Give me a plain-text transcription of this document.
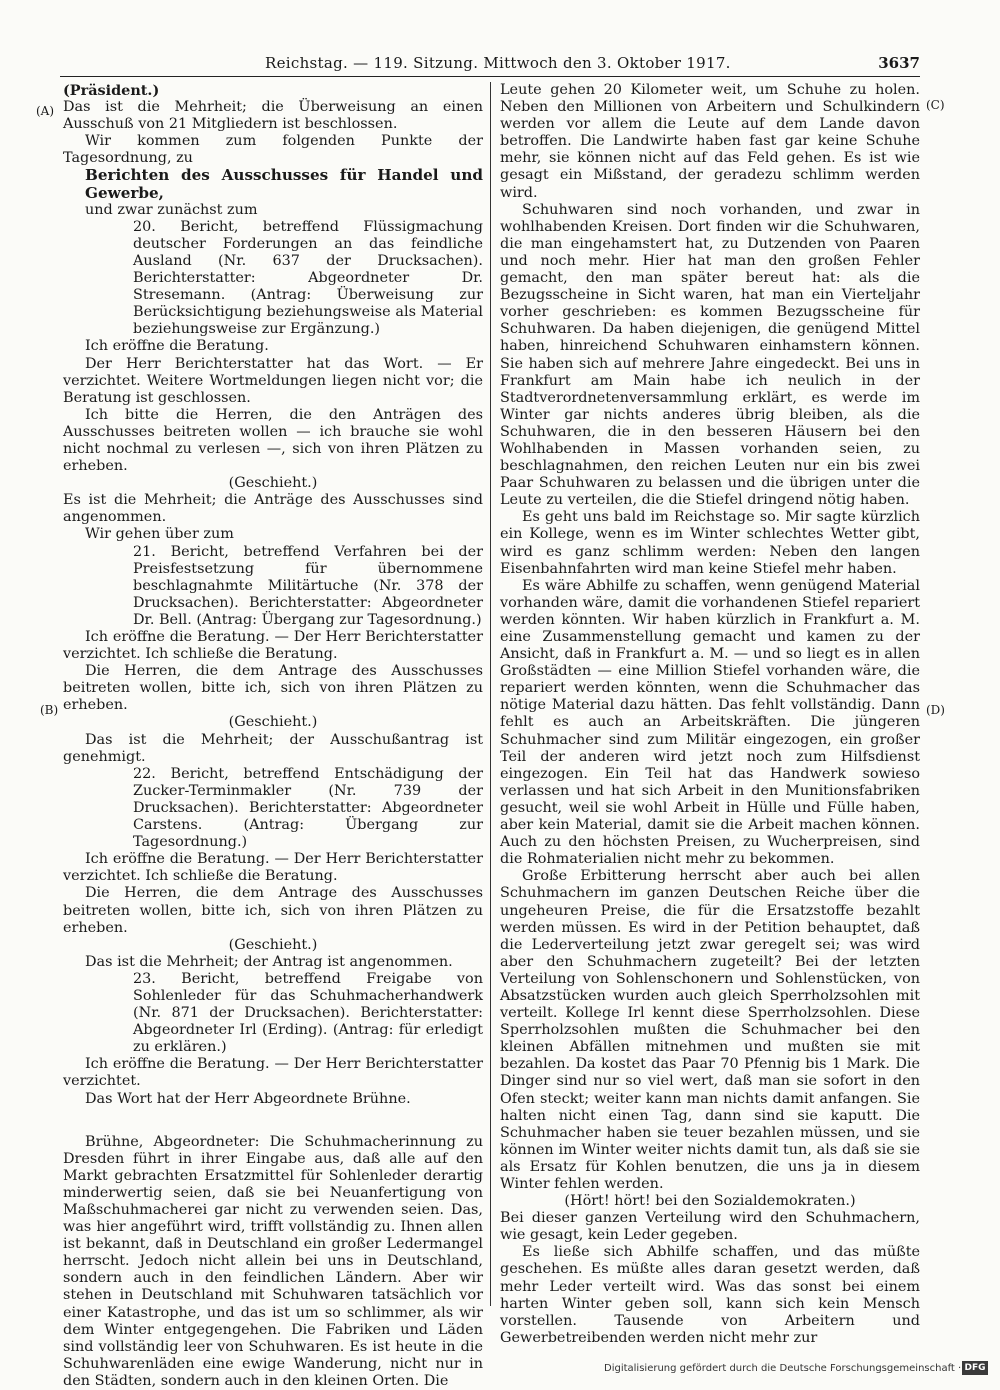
Reichstag. — 119. Sitzung. Mittwoch den 3. Oktober 1917.	3637
(A)
(B)
(C)
(D)

(Präsident.)

Das ist die Mehrheit; die Überweisung an einen Ausschuß von 21 Mitgliedern ist beschlossen.

Wir kommen zum folgenden Punkte der Tagesordnung, zu

Berichten des Ausschusses für Handel und Gewerbe,

und zwar zunächst zum

20. Bericht, betreffend Flüssigmachung deutscher Forderungen an das feindliche Ausland (Nr. 637 der Drucksachen). Berichterstatter: Abgeordneter Dr. Stresemann. (Antrag: Überweisung zur Berücksichtigung beziehungsweise als Material beziehungsweise zur Ergänzung.)

Ich eröffne die Beratung.

Der Herr Berichterstatter hat das Wort. — Er verzichtet. Weitere Wortmeldungen liegen nicht vor; die Beratung ist geschlossen.

Ich bitte die Herren, die den Anträgen des Ausschusses beitreten wollen — ich brauche sie wohl nicht nochmal zu verlesen —, sich von ihren Plätzen zu erheben.

(Geschieht.)

Es ist die Mehrheit; die Anträge des Ausschusses sind angenommen.

Wir gehen über zum

21. Bericht, betreffend Verfahren bei der Preisfestsetzung für übernommene beschlagnahmte Militärtuche (Nr. 378 der Drucksachen). Berichterstatter: Abgeordneter Dr. Bell. (Antrag: Übergang zur Tagesordnung.)

Ich eröffne die Beratung. — Der Herr Berichterstatter verzichtet. Ich schließe die Beratung.

Die Herren, die dem Antrage des Ausschusses beitreten wollen, bitte ich, sich von ihren Plätzen zu erheben.

(Geschieht.)

Das ist die Mehrheit; der Ausschußantrag ist genehmigt.

22. Bericht, betreffend Entschädigung der Zucker-Terminmakler (Nr. 739 der Drucksachen). Berichterstatter: Abgeordneter Carstens. (Antrag: Übergang zur Tagesordnung.)

Ich eröffne die Beratung. — Der Herr Berichterstatter verzichtet. Ich schließe die Beratung.

Die Herren, die dem Antrage des Ausschusses beitreten wollen, bitte ich, sich von ihren Plätzen zu erheben.

(Geschieht.)

Das ist die Mehrheit; der Antrag ist angenommen.

23. Bericht, betreffend Freigabe von Sohlenleder für das Schuhmacherhandwerk (Nr. 871 der Drucksachen). Berichterstatter: Abgeordneter Irl (Erding). (Antrag: für erledigt zu erklären.)

Ich eröffne die Beratung. — Der Herr Berichterstatter verzichtet.

Das Wort hat der Herr Abgeordnete Brühne.

Brühne, Abgeordneter: Die Schuhmacherinnung zu Dresden führt in ihrer Eingabe aus, daß alle auf den Markt gebrachten Ersatzmittel für Sohlenleder derartig minderwertig seien, daß sie bei Neuanfertigung von Maßschuhmacherei gar nicht zu verwenden seien. Das, was hier angeführt wird, trifft vollständig zu. Ihnen allen ist bekannt, daß in Deutschland ein großer Ledermangel herrscht. Jedoch nicht allein bei uns in Deutschland, sondern auch in den feindlichen Ländern. Aber wir stehen in Deutschland mit Schuhwaren tatsächlich vor einer Katastrophe, und das ist um so schlimmer, als wir dem Winter entgegengehen. Die Fabriken und Läden sind vollständig leer von Schuhwaren. Es ist heute in die Schuhwarenläden eine ewige Wanderung, nicht nur in den Städten, sondern auch in den kleinen Orten. Die

Leute gehen 20 Kilometer weit, um Schuhe zu holen. Neben den Millionen von Arbeitern und Schulkindern werden vor allem die Leute auf dem Lande davon betroffen. Die Landwirte haben fast gar keine Schuhe mehr, sie können nicht auf das Feld gehen. Es ist wie gesagt ein Mißstand, der geradezu schlimm werden wird.

Schuhwaren sind noch vorhanden, und zwar in wohlhabenden Kreisen. Dort finden wir die Schuhwaren, die man eingehamstert hat, zu Dutzenden von Paaren und noch mehr. Hier hat man den großen Fehler gemacht, den man später bereut hat: als die Bezugsscheine in Sicht waren, hat man ein Vierteljahr vorher geschrieben: es kommen Bezugsscheine für Schuhwaren. Da haben diejenigen, die genügend Mittel haben, hinreichend Schuhwaren einhamstern können. Sie haben sich auf mehrere Jahre eingedeckt. Bei uns in Frankfurt am Main habe ich neulich in der Stadtverordnetenversammlung erklärt, es werde im Winter gar nichts anderes übrig bleiben, als die Schuhwaren, die in den besseren Häusern bei den Wohlhabenden in Massen vorhanden seien, zu beschlagnahmen, den reichen Leuten nur ein bis zwei Paar Schuhwaren zu belassen und die übrigen unter die Leute zu verteilen, die die Stiefel dringend nötig haben.

Es geht uns bald im Reichstage so. Mir sagte kürzlich ein Kollege, wenn es im Winter schlechtes Wetter gibt, wird es ganz schlimm werden: Neben den langen Eisenbahnfahrten wird man keine Stiefel mehr haben.

Es wäre Abhilfe zu schaffen, wenn genügend Material vorhanden wäre, damit die vorhandenen Stiefel repariert werden könnten. Wir haben kürzlich in Frankfurt a. M. eine Zusammenstellung gemacht und kamen zu der Ansicht, daß in Frankfurt a. M. — und so liegt es in allen Großstädten — eine Million Stiefel vorhanden wäre, die repariert werden könnten, wenn die Schuhmacher das nötige Material dazu hätten. Das fehlt vollständig. Dann fehlt es auch an Arbeitskräften. Die jüngeren Schuhmacher sind zum Militär eingezogen, ein großer Teil der anderen wird jetzt noch zum Hilfsdienst eingezogen. Ein Teil hat das Handwerk sowieso verlassen und hat sich Arbeit in den Munitionsfabriken gesucht, weil sie wohl Arbeit in Hülle und Fülle haben, aber kein Material, damit sie die Arbeit machen können. Auch zu den höchsten Preisen, zu Wucherpreisen, sind die Rohmaterialien nicht mehr zu bekommen.

Große Erbitterung herrscht aber auch bei allen Schuhmachern im ganzen Deutschen Reiche über die ungeheuren Preise, die für die Ersatzstoffe bezahlt werden müssen. Es wird in der Petition behauptet, daß die Lederverteilung jetzt zwar geregelt sei; was wird aber den Schuhmachern zugeteilt? Bei der letzten Verteilung von Sohlenschonern und Sohlenstücken, von Absatzstücken wurden auch gleich Sperrholzsohlen mit verteilt. Kollege Irl kennt diese Sperrholzsohlen. Diese Sperrholzsohlen mußten die Schuhmacher bei den kleinen Abfällen mitnehmen und mußten sie mit bezahlen. Da kostet das Paar 70 Pfennig bis 1 Mark. Die Dinger sind nur so viel wert, daß man sie sofort in den Ofen steckt; weiter kann man nichts damit anfangen. Sie halten nicht einen Tag, dann sind sie kaputt. Die Schuhmacher haben sie teuer bezahlen müssen, und sie können im Winter weiter nichts damit tun, als daß sie sie als Ersatz für Kohlen benutzen, die uns ja in diesem Winter fehlen werden.

(Hört! hört! bei den Sozialdemokraten.)

Bei dieser ganzen Verteilung wird den Schuhmachern, wie gesagt, kein Leder gegeben.

Es ließe sich Abhilfe schaffen, und das müßte geschehen. Es müßte alles daran gesetzt werden, daß mehr Leder verteilt wird. Was das sonst bei einem harten Winter geben soll, kann sich kein Mensch vorstellen. Tausende von Arbeitern und Gewerbetreibenden werden nicht mehr zur

Digitalisierung gefördert durch die Deutsche Forschungsgemeinschaft · DFG
